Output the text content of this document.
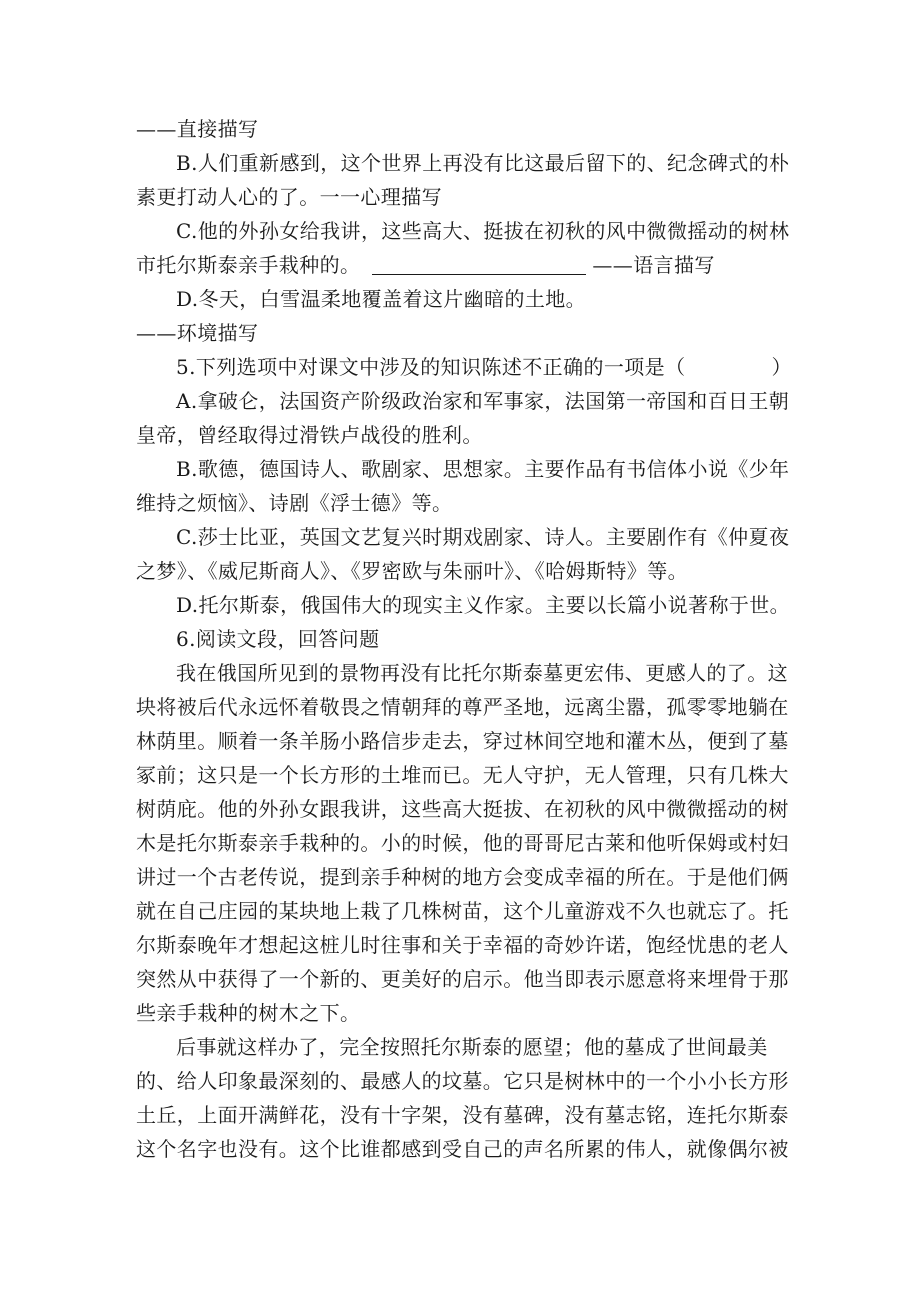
——直接描写
B.人们重新感到，这个世界上再没有比这最后留下的、纪念碑式的朴
素更打动人心的了。一一心理描写
C.他的外孙女给我讲，这些高大、挺拔在初秋的风中微微摇动的树林
市托尔斯泰亲手栽种的。	——语言描写
D.冬天，白雪温柔地覆盖着这片幽暗的土地。
——环境描写
5.下列选项中对课文中涉及的知识陈述不正确的一项是（	）
A.拿破仑，法国资产阶级政治家和军事家，法国第一帝国和百日王朝
皇帝，曾经取得过滑铁卢战役的胜利。
B.歌德，德国诗人、歌剧家、思想家。主要作品有书信体小说《少年
维持之烦恼》、诗剧《浮士德》等。
C.莎士比亚，英国文艺复兴时期戏剧家、诗人。主要剧作有《仲夏夜
之梦》、《威尼斯商人》、《罗密欧与朱丽叶》、《哈姆斯特》等。
D.托尔斯泰，俄国伟大的现实主义作家。主要以长篇小说著称于世。
6.阅读文段，回答问题
我在俄国所见到的景物再没有比托尔斯泰墓更宏伟、更感人的了。这
块将被后代永远怀着敬畏之情朝拜的尊严圣地，远离尘嚣，孤零零地躺在
林荫里。顺着一条羊肠小路信步走去，穿过林间空地和灌木丛，便到了墓
冢前；这只是一个长方形的土堆而已。无人守护，无人管理，只有几株大
树荫庇。他的外孙女跟我讲，这些高大挺拔、在初秋的风中微微摇动的树
木是托尔斯泰亲手栽种的。小的时候，他的哥哥尼古莱和他听保姆或村妇
讲过一个古老传说，提到亲手种树的地方会变成幸福的所在。于是他们俩
就在自己庄园的某块地上栽了几株树苗，这个儿童游戏不久也就忘了。托
尔斯泰晚年才想起这桩儿时往事和关于幸福的奇妙许诺，饱经忧患的老人
突然从中获得了一个新的、更美好的启示。他当即表示愿意将来埋骨于那
些亲手栽种的树木之下。
后事就这样办了，完全按照托尔斯泰的愿望；他的墓成了世间最美
的、给人印象最深刻的、最感人的坟墓。它只是树林中的一个小小长方形
土丘，上面开满鲜花，没有十字架，没有墓碑，没有墓志铭，连托尔斯泰
这个名字也没有。这个比谁都感到受自己的声名所累的伟人，就像偶尔被
